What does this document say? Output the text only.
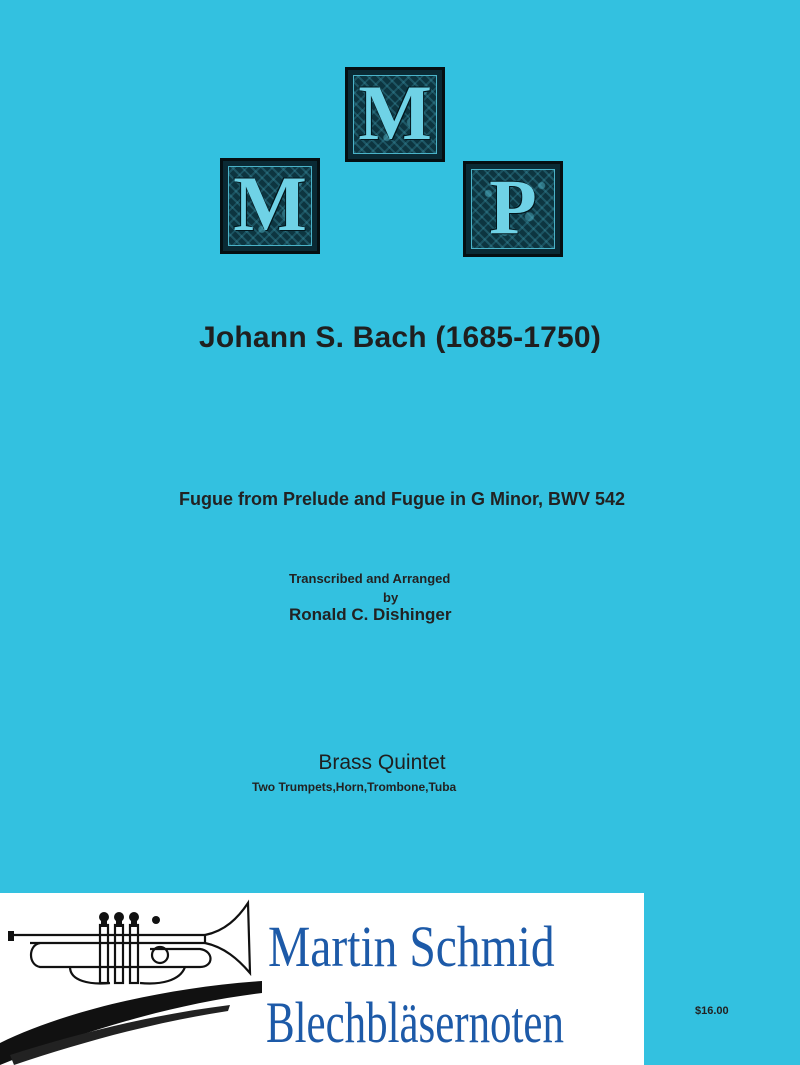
M
M P
Johann S. Bach (1685-1750)
Fugue from Prelude and Fugue in G Minor, BWV 542
Transcribed and Arranged
by
Ronald C. Dishinger
Brass Quintet
Two Trumpets,Horn,Trombone,Tuba
Martin Schmid
Blechbläsernoten	$16.00
